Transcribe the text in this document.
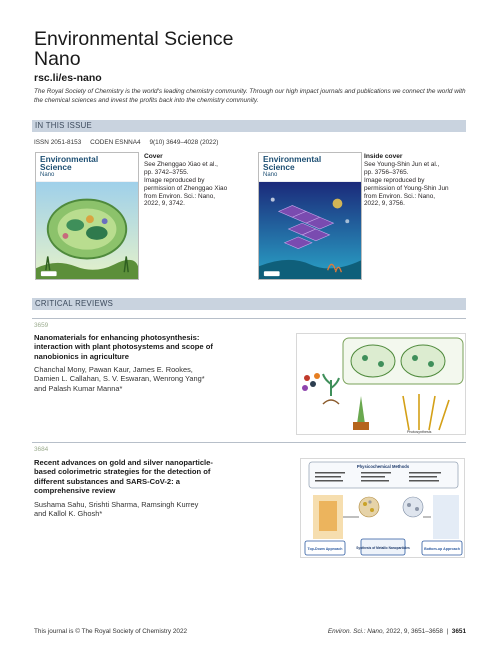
Environmental Science
Nano
rsc.li/es-nano
The Royal Society of Chemistry is the world's leading chemistry community. Through our high impact journals and publications we connect the world with the chemical sciences and invest the profits back into the chemistry community.
IN THIS ISSUE
ISSN 2051-8153 CODEN ESNNA4 9(10) 3649–4028 (2022)
Environmental
Science
Nano
Cover
See Zhenggao Xiao et al.,
pp. 3742–3755.
Image reproduced by
permission of Zhenggao Xiao
from Environ. Sci.: Nano,
2022, 9, 3742.
Environmental
Science
Nano
Inside cover
See Young-Shin Jun et al.,
pp. 3756–3765.
Image reproduced by
permission of Young-Shin Jun
from Environ. Sci.: Nano,
2022, 9, 3756.
CRITICAL REVIEWS
3659
Nanomaterials for enhancing photosynthesis:
interaction with plant photosystems and scope of
nanobionics in agriculture
Chanchal Mony, Pawan Kaur, James E. Rookes,
Damien L. Callahan, S. V. Eswaran, Wenrong Yang*
and Palash Kumar Manna*
Photosynthesis
3684
Recent advances on gold and silver nanoparticle-
based colorimetric strategies for the detection of
different substances and SARS-CoV-2: a
comprehensive review
Sushama Sahu, Srishti Sharma, Ramsingh Kurrey
and Kallol K. Ghosh*
Physicochemical Methods
Top-Down Approach	Synthesis of Metallic Nanoparticles	Bottom-up Approach
This journal is © The Royal Society of Chemistry 2022	Environ. Sci.: Nano, 2022, 9, 3651–3658 | 3651
